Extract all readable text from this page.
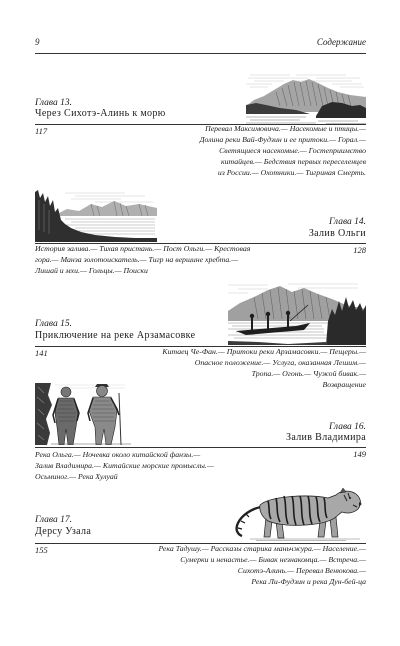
9	Содержание
Глава 13.
Через Сихотэ-Алинь к морю
117	Перевал Максимовича.— Насекомые и птицы.—
Долина реки Вай-Фудзин и ее притоки.— Горал.—
Светящиеся насекомые.— Гостеприимство
китайцев.— Бедствия первых переселенцев
из России.— Охотники.— Тигриная Смерть.
Глава 14.
Залив Ольги
128
История залива.— Тихая пристань.— Пост Ольги.— Крестовая
гора.— Манза золотоискатель.— Тигр на вершине хребта.—
Лишай и мхи.— Гольцы.— Поиски
Глава 15.
Приключение на реке Арзамасовке
141	Китаец Че-Фан.— Притоки реки Арзамасовки.— Пещеры.—
Опасное положение.— Услуга, оказанная Лешим.—
Тропа.— Огонь.— Чужой бивак.—
Возвращение
Глава 16.
Залив Владимира
149
Река Ольга.— Ночевка около китайской фанзы.—
Залив Владимира.— Китайские морские промыслы.—
Осьминог.— Река Хулуай
Глава 17.
Дерсу Узала
155	Река Тадушу.— Рассказы старика маньчжура.— Население.—
Сумерки и ненастье.— Бивак незнакомца.— Встреча.—
Сихотэ-Алинь.— Перевал Венюкова.—
Река Ли-Фудзин и река Дун-бей-ца
